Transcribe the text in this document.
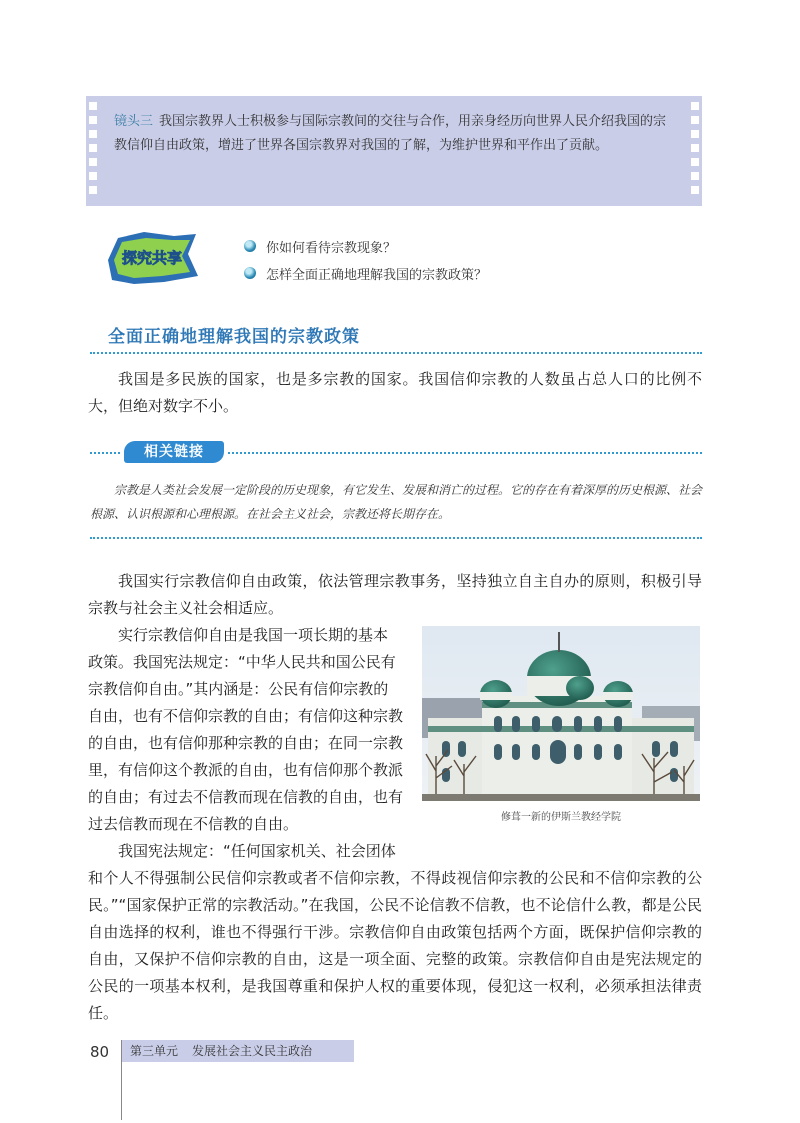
镜头三 我国宗教界人士积极参与国际宗教间的交往与合作，用亲身经历向世界人民介绍我国的宗教信仰自由政策，增进了世界各国宗教界对我国的了解，为维护世界和平作出了贡献。
探究共享
你如何看待宗教现象？
怎样全面正确地理解我国的宗教政策？
全面正确地理解我国的宗教政策
我国是多民族的国家，也是多宗教的国家。我国信仰宗教的人数虽占总人口的比例不大，但绝对数字不小。
相关链接
宗教是人类社会发展一定阶段的历史现象，有它发生、发展和消亡的过程。它的存在有着深厚的历史根源、社会根源、认识根源和心理根源。在社会主义社会，宗教还将长期存在。
我国实行宗教信仰自由政策，依法管理宗教事务，坚持独立自主自办的原则，积极引导宗教与社会主义社会相适应。
实行宗教信仰自由是我国一项长期的基本
政策。我国宪法规定：“中华人民共和国公民有
宗教信仰自由。”其内涵是：公民有信仰宗教的
自由，也有不信仰宗教的自由；有信仰这种宗教
的自由，也有信仰那种宗教的自由；在同一宗教
里，有信仰这个教派的自由，也有信仰那个教派
的自由；有过去不信教而现在信教的自由，也有
过去信教而现在不信教的自由。
我国宪法规定：“任何国家机关、社会团体
和个人不得强制公民信仰宗教或者不信仰宗教，不得歧视信仰宗教的公民和不信仰宗教的公民。”“国家保护正常的宗教活动。”在我国，公民不论信教不信教，也不论信什么教，都是公民自由选择的权利，谁也不得强行干涉。宗教信仰自由政策包括两个方面，既保护信仰宗教的自由，又保护不信仰宗教的自由，这是一项全面、完整的政策。宗教信仰自由是宪法规定的公民的一项基本权利，是我国尊重和保护人权的重要体现，侵犯这一权利，必须承担法律责任。
修葺一新的伊斯兰教经学院
80	第三单元 发展社会主义民主政治
